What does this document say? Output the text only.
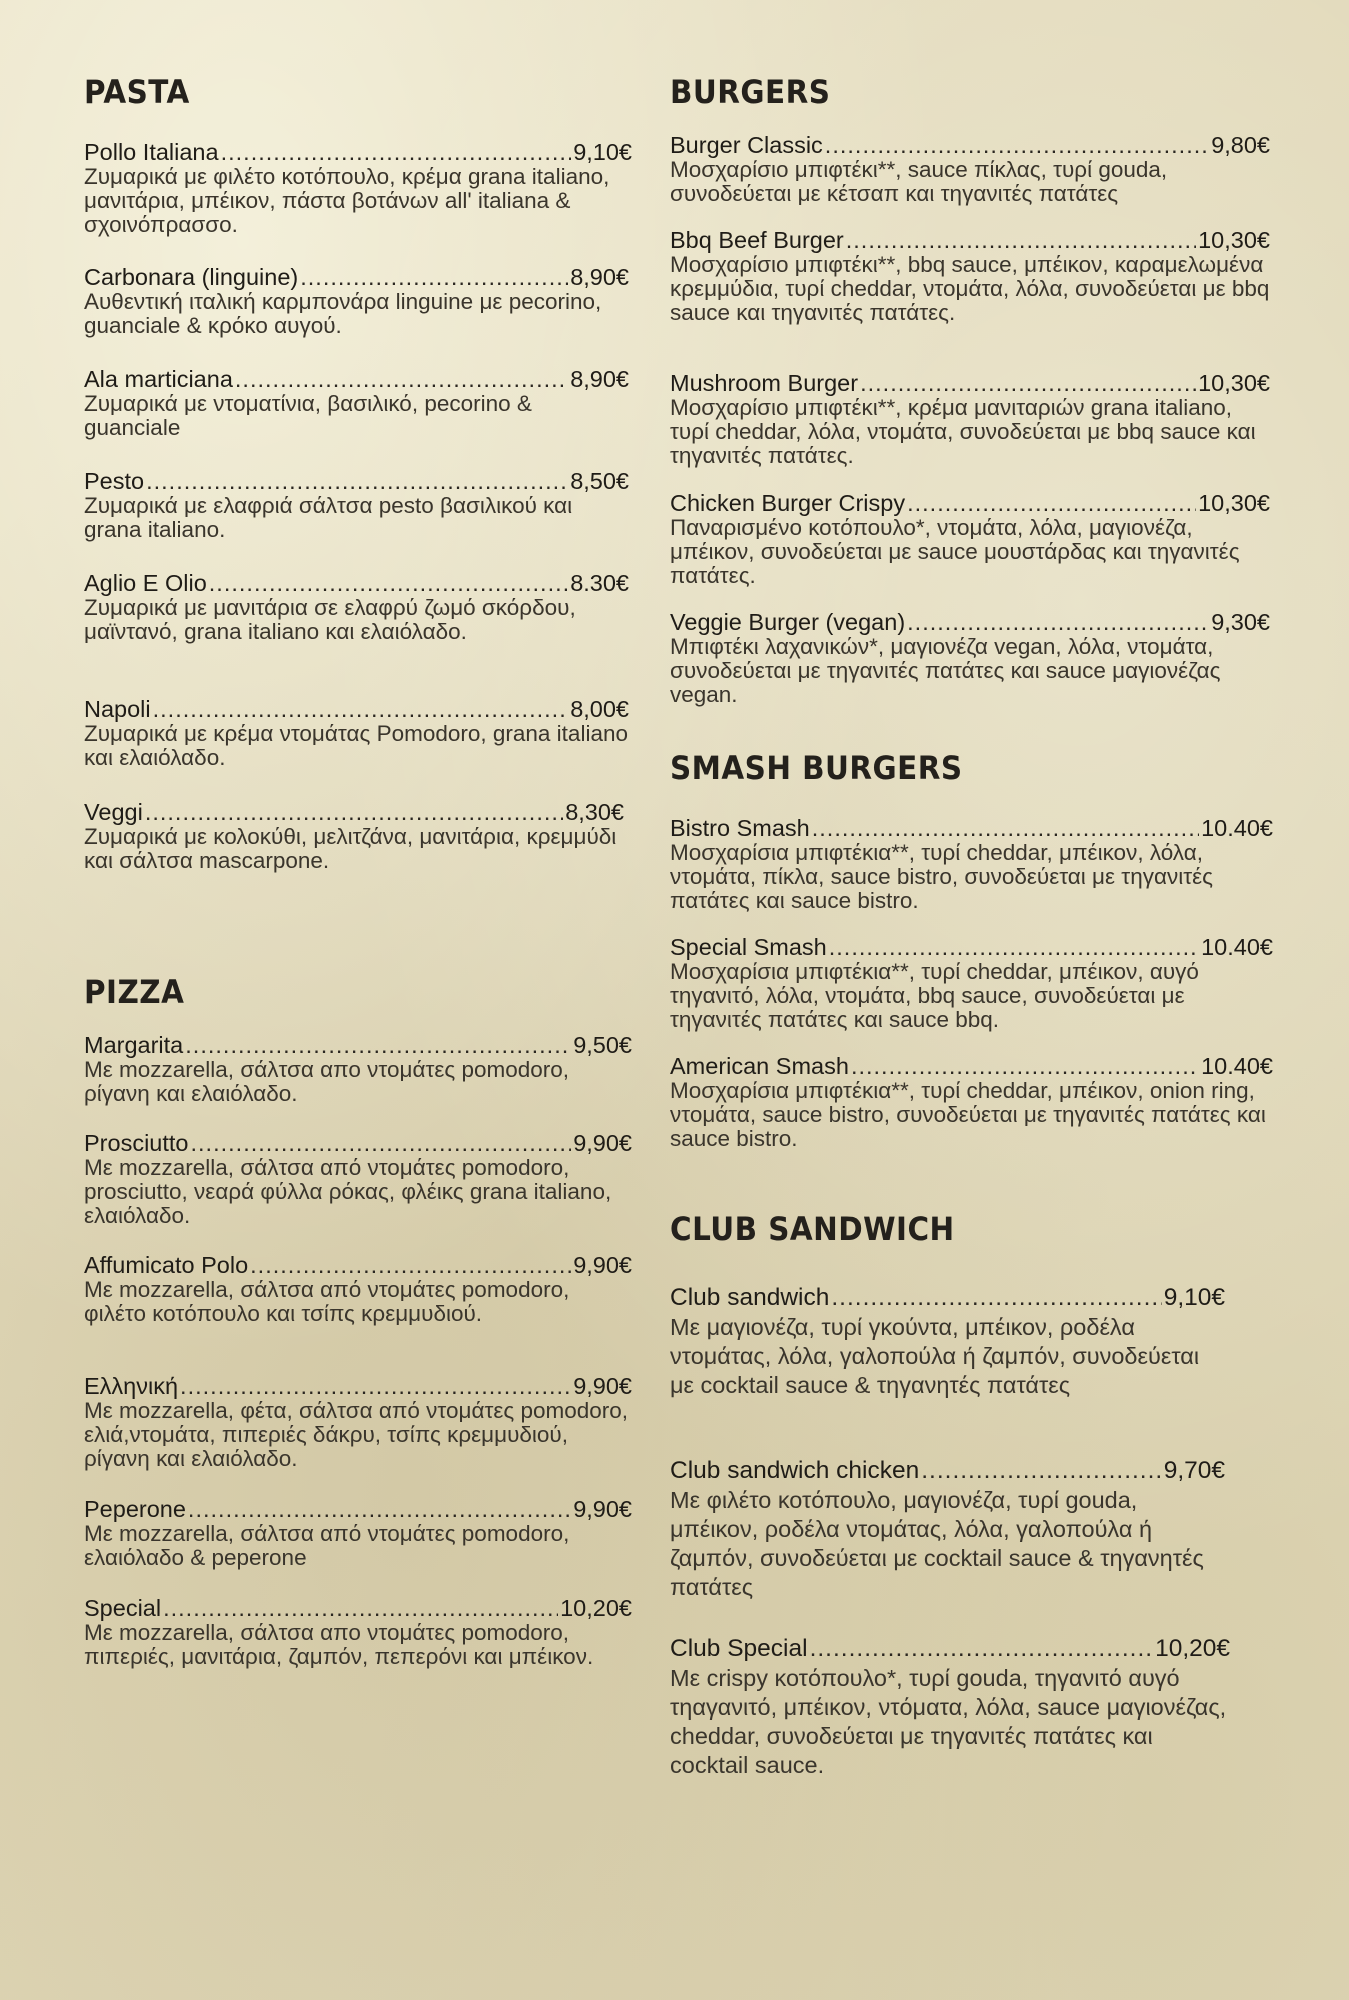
PASTA
Pollo Italiana .....	9,10€

Ζυμαρικά με φιλέτο κοτόπουλο, κρέμα grana italiano, μανιτάρια, μπέικον, πάστα βοτάνων all' italiana & σχοινόπρασσο.

Carbonara (linguine) .....	8,90€

Αυθεντική ιταλική καρμπονάρα linguine με pecorino, guanciale & κρόκο αυγού.

Ala marticiana .....	8,90€

Ζυμαρικά με ντοματίνια, βασιλικό, pecorino & guanciale

Pesto .....	8,50€

Ζυμαρικά με ελαφριά σάλτσα pesto βασιλικού και grana italiano.

Aglio E Olio .....	8.30€

Ζυμαρικά με μανιτάρια σε ελαφρύ ζωμό σκόρδου, μαϊντανό, grana italiano και ελαιόλαδο.

Napoli .....	8,00€

Ζυμαρικά με κρέμα ντομάτας Pomodoro, grana italiano και ελαιόλαδο.

Veggi .....	8,30€

Ζυμαρικά με κολοκύθι, μελιτζάνα, μανιτάρια, κρεμμύδι και σάλτσα mascarpone.

PIZZA
Margarita .....	9,50€

Με mozzarella, σάλτσα απο ντομάτες pomodoro, ρίγανη και ελαιόλαδο.

Prosciutto .....	9,90€

Με mozzarella, σάλτσα από ντομάτες pomodoro, prosciutto, νεαρά φύλλα ρόκας, φλέικς grana italiano, ελαιόλαδο.

Affumicato Polo .....	9,90€

Με mozzarella, σάλτσα από ντομάτες pomodoro, φιλέτο κοτόπουλο και τσίπς κρεμμυδιού.

Ελληνική .....	9,90€

Με mozzarella, φέτα, σάλτσα από ντομάτες pomodoro, ελιά,ντομάτα, πιπεριές δάκρυ, τσίπς κρεμμυδιού, ρίγανη και ελαιόλαδο.

Peperone .....	9,90€

Με mozzarella, σάλτσα από ντομάτες pomodoro, ελαιόλαδο & peperone

Special .....	10,20€

Με mozzarella, σάλτσα απο ντομάτες pomodoro, πιπεριές, μανιτάρια, ζαμπόν, πεπερόνι και μπέικον.

BURGERS
Burger Classic .....	9,80€

Μοσχαρίσιο μπιφτέκι**, sauce πίκλας, τυρί gouda, συνοδεύεται με κέτσαπ και τηγανιτές πατάτες

Bbq Beef Burger .....	10,30€

Μοσχαρίσιο μπιφτέκι**, bbq sauce, μπέικον, καραμελωμένα κρεμμύδια, τυρί cheddar, ντομάτα, λόλα, συνοδεύεται με bbq sauce και τηγανιτές πατάτες.

Mushroom Burger .....	10,30€

Μοσχαρίσιο μπιφτέκι**, κρέμα μανιταριών grana italiano, τυρί cheddar, λόλα, ντομάτα, συνοδεύεται με bbq sauce και τηγανιτές πατάτες.

Chicken Burger Crispy .....	10,30€

Παναρισμένο κοτόπουλο*, ντομάτα, λόλα, μαγιονέζα, μπέικον, συνοδεύεται με sauce μουστάρδας και τηγανιτές πατάτες.

Veggie Burger (vegan) .....	9,30€

Μπιφτέκι λαχανικών*, μαγιονέζα vegan, λόλα, ντομάτα, συνοδεύεται με τηγανιτές πατάτες και sauce μαγιονέζας vegan.

SMASH BURGERS
Bistro Smash .....	10.40€

Μοσχαρίσια μπιφτέκια**, τυρί cheddar, μπέικον, λόλα, ντομάτα, πίκλα, sauce bistro, συνοδεύεται με τηγανιτές πατάτες και sauce bistro.

Special Smash .....	10.40€

Μοσχαρίσια μπιφτέκια**, τυρί cheddar, μπέικον, αυγό τηγανιτό, λόλα, ντομάτα, bbq sauce, συνοδεύεται με τηγανιτές πατάτες και sauce bbq.

American Smash .....	10.40€

Μοσχαρίσια μπιφτέκια**, τυρί cheddar, μπέικον, onion ring, ντομάτα, sauce bistro, συνοδεύεται με τηγανιτές πατάτες και sauce bistro.

CLUB SANDWICH
Club sandwich .....	9,10€

Με μαγιονέζα, τυρί γκούντα, μπέικον, ροδέλα ντομάτας, λόλα, γαλοπούλα ή ζαμπόν, συνοδεύεται με cocktail sauce & τηγανητές πατάτες

Club sandwich chicken .....	9,70€

Με φιλέτο κοτόπουλο, μαγιονέζα, τυρί gouda, μπέικον, ροδέλα ντομάτας, λόλα, γαλοπούλα ή ζαμπόν, συνοδεύεται με cocktail sauce & τηγανητές πατάτες

Club Special .....	10,20€

Με crispy κοτόπουλο*, τυρί gouda, τηγανιτό αυγό τηαγανιτό, μπέικον, ντόματα, λόλα, sauce μαγιονέζας, cheddar, συνοδεύεται με τηγανιτές πατάτες και cocktail sauce.
